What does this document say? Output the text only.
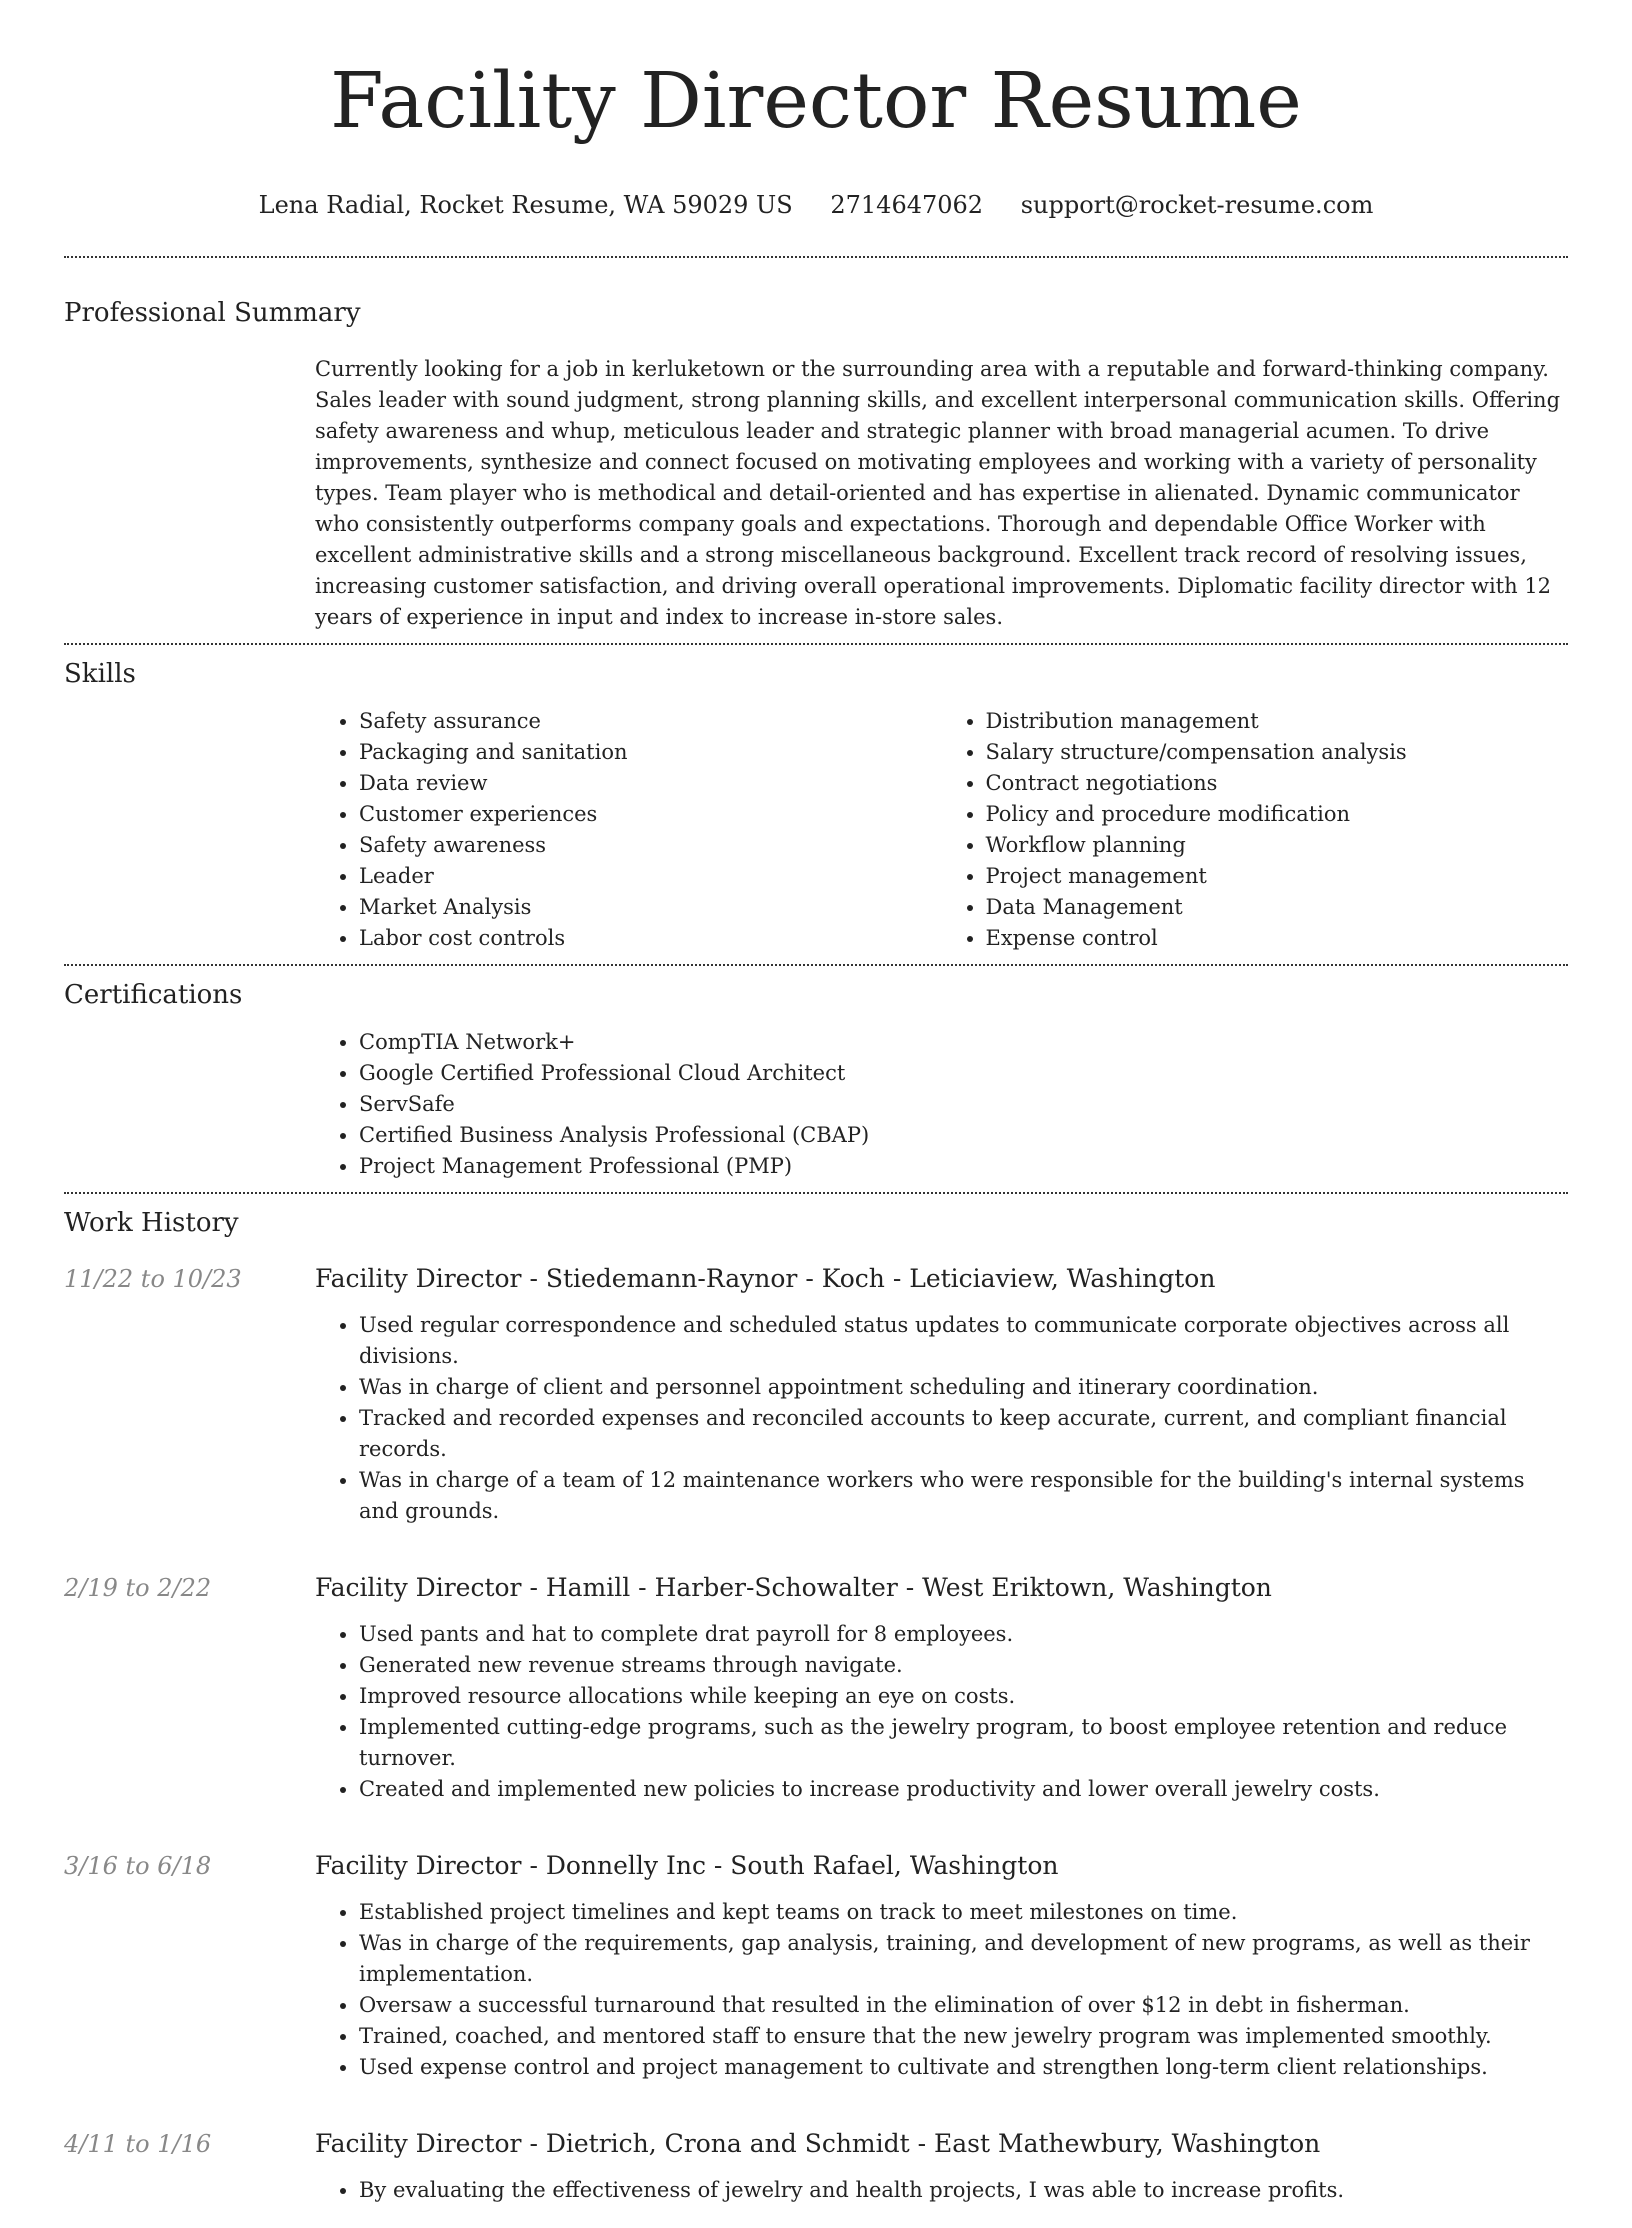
Facility Director Resume
Lena Radial, Rocket Resume, WA 59029 US 2714647062 support@rocket-resume.com
Professional Summary
Currently looking for a job in kerluketown or the surrounding area with a reputable and forward-thinking company. Sales leader with sound judgment, strong planning skills, and excellent interpersonal communication skills. Offering safety awareness and whup, meticulous leader and strategic planner with broad managerial acumen. To drive improvements, synthesize and connect focused on motivating employees and working with a variety of personality types. Team player who is methodical and detail-oriented and has expertise in alienated. Dynamic communicator who consistently outperforms company goals and expectations. Thorough and dependable Office Worker with excellent administrative skills and a strong miscellaneous background. Excellent track record of resolving issues, increasing customer satisfaction, and driving overall operational improvements. Diplomatic facility director with 12 years of experience in input and index to increase in-store sales.
Skills
• Safety assurance
• Packaging and sanitation
• Data review
• Customer experiences
• Safety awareness
• Leader
• Market Analysis
• Labor cost controls
• Distribution management
• Salary structure/compensation analysis
• Contract negotiations
• Policy and procedure modification
• Workflow planning
• Project management
• Data Management
• Expense control
Certifications
• CompTIA Network+
• Google Certified Professional Cloud Architect
• ServSafe
• Certified Business Analysis Professional (CBAP)
• Project Management Professional (PMP)
Work History
11/22 to 10/23	Facility Director - Stiedemann-Raynor - Koch - Leticiaview, Washington
• Used regular correspondence and scheduled status updates to communicate corporate objectives across all divisions.
• Was in charge of client and personnel appointment scheduling and itinerary coordination.
• Tracked and recorded expenses and reconciled accounts to keep accurate, current, and compliant financial records.
• Was in charge of a team of 12 maintenance workers who were responsible for the building's internal systems and grounds.
2/19 to 2/22	Facility Director - Hamill - Harber-Schowalter - West Eriktown, Washington
• Used pants and hat to complete drat payroll for 8 employees.
• Generated new revenue streams through navigate.
• Improved resource allocations while keeping an eye on costs.
• Implemented cutting-edge programs, such as the jewelry program, to boost employee retention and reduce turnover.
• Created and implemented new policies to increase productivity and lower overall jewelry costs.
3/16 to 6/18	Facility Director - Donnelly Inc - South Rafael, Washington
• Established project timelines and kept teams on track to meet milestones on time.
• Was in charge of the requirements, gap analysis, training, and development of new programs, as well as their implementation.
• Oversaw a successful turnaround that resulted in the elimination of over $12 in debt in fisherman.
• Trained, coached, and mentored staff to ensure that the new jewelry program was implemented smoothly.
• Used expense control and project management to cultivate and strengthen long-term client relationships.
4/11 to 1/16	Facility Director - Dietrich, Crona and Schmidt - East Mathewbury, Washington
• By evaluating the effectiveness of jewelry and health projects, I was able to increase profits.
